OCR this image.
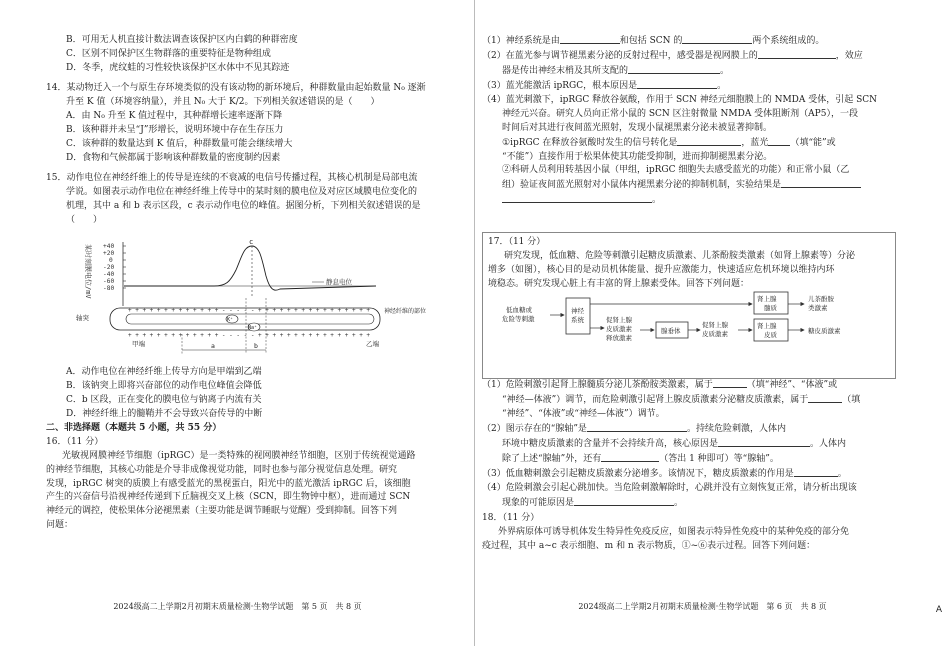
B．可用无人机直接计数法调查该保护区内白鹤的种群密度

C．区别不同保护区生物群落的重要特征是物种组成

D．冬季，虎纹蛙的习性较快该保护区水体中不见其踪迹

14．某动物迁入一个与原生存环境类似的没有该动物的新环境后，种群数量由起始数量 N₀ 逐渐

升至 K 值（环境容纳量），并且 N₀ 大于 K/2。下列相关叙述错误的是（　　）

A．由 N₀ 升至 K 值过程中，其种群增长速率逐渐下降

B．该种群并未呈“J”形增长，说明环境中存在生存压力

C．该种群的数量达到 K 值后，种群数量可能会继续增大

D．食物和气候都属于影响该种群数量的密度制约因素

15．动作电位在神经纤维上的传导是连续的不衰减的电信号传播过程，其核心机制是局部电流

学说。如图表示动作电位在神经纤维上传导中的某时刻的膜电位及对应区域膜电位变化的

机理，其中 a 和 b 表示区段，c 表示动作电位的峰值。据图分析，下列相关叙述错误的是

（　　）

某时刻膜电位/mV +40
+20
0
-20
-40
-60
-80
c
静息电位
轴突
+ + + + + + + + + + + + + - - - - - + + + + + + + + + + + + + + + +
+ + + + + + + + + + + + + - - - - - + + + + + + + + + + + + + + + +
K⁺
Na⁺
神经纤维的部位
甲端	乙端
a	b

A．动作电位在神经纤维上传导方向是甲端到乙端

B．该钠突上即将兴奋部位的动作电位峰值会降低

C．b 区段，正在变化的膜电位与钠离子内流有关

D．神经纤维上的髓鞘并不会导致兴奋传导的中断

二、非选择题（本题共 5 小题，共 55 分）

16．（11 分）

光敏视网膜神经节细胞（ipRGC）是一类特殊的视网膜神经节细胞，区别于传统视觉通路

的神经节细胞，其核心功能是介导非成像视觉功能，同时也参与部分视觉信息处理。研究

发现，ipRGC 树突的质膜上有感受蓝光的黑视蛋白，阳光中的蓝光激活 ipRGC 后，该细胞

产生的兴奋信号沿视神经传递到下丘脑视交叉上核（SCN，即生物钟中枢），进而通过 SCN

神经元的调控，使松果体分泌褪黑素（主要功能是调节睡眠与觉醒）受到抑制。回答下列

问题：

2024级高二上学期2月初期末质量检测·生物学试题　第 5 页　共 8 页

（1）神经系统是由	和包括 SCN 的	两个系统组成的。

（2）在蓝光参与调节褪黑素分泌的反射过程中，感受器是视网膜上的	，效应

器是传出神经末梢及其所支配的	。

（3）蓝光能激活 ipRGC，根本原因是	。

（4）蓝光刺激下，ipRGC 释放谷氨酸，作用于 SCN 神经元细胞膜上的 NMDA 受体，引起 SCN

神经元兴奋。研究人员向正常小鼠的 SCN 区注射微量 NMDA 受体阻断剂（AP5），一段

时间后对其进行夜间蓝光照射，发现小鼠褪黑素分泌未被显著抑制。

①ipRGC 在释放谷氨酸时发生的信号转化是	，蓝光 （填“能”或

“不能”）直接作用于松果体使其功能受抑制，进而抑制褪黑素分泌。

②科研人员利用转基因小鼠（甲组，ipRGC 细胞失去感受蓝光的功能）和正常小鼠（乙

组）验证夜间蓝光照射对小鼠体内褪黑素分泌的抑制机制，实验结果是

。

17．（11 分）

研究发现，低血糖、危险等刺激引起糖皮质激素、儿茶酚胺类激素（如肾上腺素等）分泌

增多（如图），核心目的是动员机体能量、提升应激能力，快速适应危机环境以维持内环

境稳态。研究发现心脏上有丰富的肾上腺素受体。回答下列问题：

低血糖或
危险等刺激
神经
系统
肾上腺
髓质
儿茶酚胺
类激素
促肾上腺
皮质激素
释放激素
腺垂体
促肾上腺
皮质激素
肾上腺
皮质	糖皮质激素

（1）危险刺激引起肾上腺髓质分泌儿茶酚胺类激素，属于	（填“神经”、“体液”或

“神经—体液”）调节，而危险刺激引起肾上腺皮质激素分泌糖皮质激素，属于	（填

“神经”、“体液”或“神经—体液”）调节。

（2）图示存在的“腺轴”是	。持续危险刺激，人体内

环境中糖皮质激素的含量并不会持续升高，核心原因是	。人体内

除了上述“腺轴”外，还有	（答出 1 种即可）等“腺轴”。

（3）低血糖刺激会引起糖皮质激素分泌增多。该情况下，糖皮质激素的作用是	。

（4）危险刺激会引起心跳加快。当危险刺激解除时，心跳并没有立刻恢复正常，请分析出现该

现象的可能原因是	。

18．（11 分）

外界病原体可诱导机体发生特异性免疫反应，如图表示特异性免疫中的某种免疫的部分免

疫过程，其中 a~c 表示细胞、m 和 n 表示物质，①~⑥表示过程。回答下列问题：

2024级高二上学期2月初期末质量检测·生物学试题　第 6 页　共 8 页	A
